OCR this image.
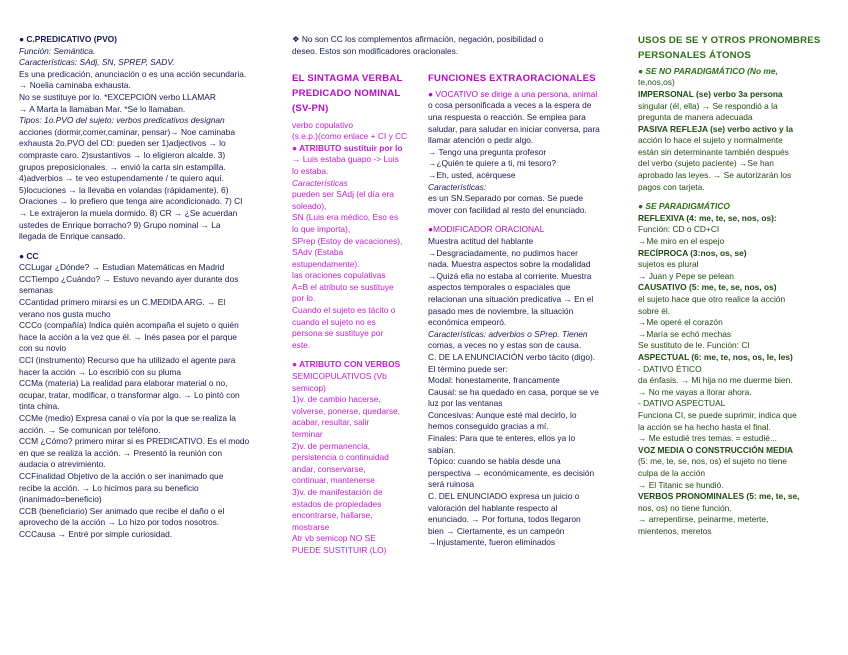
● C.PREDICATIVO (PVO)
Función: Semántica.
Características: SAdj, SN, SPREP, SADV.
Es una predicación, anunciación o es una acción secundaria.
→ Noelia caminaba exhausta.
No se sustituye por lo. *EXCEPCIÓN verbo LLAMAR
→ A Marta la llamaban Mar. *Se lo llamaban.
Tipos: 1o.PVO del sujeto: verbos predicativos designan
acciones (dormir,comer,caminar, pensar)→ Noe caminaba
exhausta 2o.PVO del CD: pueden ser 1)adjectivos → lo
compraste caro. 2)sustantivos → lo eligieron alcalde. 3)
grupos preposicionales. → envió la carta sin estampilla.
4)adverbios → te veo estupendamente / te quiero aquí.
5)locuciones → la llevaba en volandas (rápidamente). 6)
Oraciones → lo prefiero que tenga aire acondicionado. 7) CI
→ Le extrajeron la muela dormido. 8) CR → ¿Se acuerdan
ustedes de Enrique borracho? 9) Grupo nominal → La
llegada de Enrique cansado.
● CC
CCLugar ¿Dónde? → Estudian Matemáticas en Madrid
CCTiempo ¿Cuándo? → Estuvo nevando ayer durante dos
semanas
CCantidad primero mirarsi es un C.MEDIDA ARG. → El
verano nos gusta mucho
CCCo (compañía) Indica quién acompaña el sujeto o quién
hace la acción a la vez que él. → Inés pasea por el parque
con su novio
CCI (instrumento) Recurso que ha utilizado el agente para
hacer la acción → Lo escribió con su pluma
CCMa (materia) La realidad para elaborar material o no,
ocupar, tratar, modificar, o transformar algo. → Lo pintó con
tinta china.
CCMe (medio) Expresa canal o vía por la que se realiza la
acción. → Se comunican por teléfono.
CCM ¿Cómo? primero mirar si es PREDICATIVO. Es el modo
en que se realiza la acción. → Presentó la reunión con
audacia o atrevimiento.
CCFinalidad Objetivo de la acción o ser inanimado que
recibe la acción. → Lo hicimos para su beneficio
(inanimado=beneficio)
CCB (beneficiario) Ser animado que recibe el daño o el
aprovecho de la acción → Lo hizo por todos nosotros.
CCCausa → Entré por simple curiosidad.
❖ No son CC los complementos afirmación, negación, posibilidad o
deseo. Estos son modificadores oracionales.
EL SINTAGMA VERBAL
PREDICADO NOMINAL
(SV-PN)
verbo copulativo
(s.e.p.)(como enlace + CI y CC
● ATRIBUTO sustituir por lo
→ Luis estaba guapo -> Luis
lo estaba.
Características
pueden ser SAdj (el día era
soleado),
SN (Luis era médico, Eso es
lo que importa),
SPrep (Estoy de vacaciones),
SAdv (Estaba
estupendamente).
las oraciones copulativas
A=B el atributo se sustituye
por lo.
Cuando el sujeto es tácito o
cuando el sujeto no es
persona se sustituye por
este.
● ATRIBUTO CON VERBOS
SEMICOPULATIVOS (Vb
semicop)
1)v. de cambio hacerse,
volverse, ponerse, quedarse,
acabar, resultar, salir
terminar
2)v. de permanencia,
persistencia o continuidad
andar, conservarse,
continuar, mantenerse
3)v. de manifestación de
estados de propiedades
encontrarse, hallarse,
mostrarse
Atr vb semicop NO SE
PUEDE SUSTITUIR (LO)
FUNCIONES EXTRAORACIONALES
● VOCATIVO se dirige a una persona, animal
o cosa personificada a veces a la espera de
una respuesta o reacción. Se emplea para
saludar, para saludar en iniciar conversa, para
llamar atención o pedir algo.
→ Tengo una pregunta profesor
→¿Quién te quiere a ti, mi tesoro?
→Eh, usted, acérquese
Características:
es un SN.Separado por comas. Se puede
mover con facilidad al resto del enunciado.
●MODIFICADOR ORACIONAL
Muestra actitud del hablante
→Desgraciadamente, no pudimos hacer
nada. Muestra aspectos sobre la modalidad
→Quizá ella no estaba al corriente. Muestra
aspectos temporales o espaciales que
relacionan una situación predicativa → En el
pasado mes de noviembre, la situación
económica empeoró.
Características: adverbios o SPrep. Tienen
comas, a veces no y estas son de causa.
C. DE LA ENUNCIACIÓN verbo tácito (digo).
El término puede ser:
Modal: honestamente, francamente
Causal: se ha quedado en casa, porque se ve
luz por las ventanas
Concesivas: Aunque esté mal decirlo, lo
hemos conseguido gracias a mí.
Finales: Para que te enteres, ellos ya lo
sabían.
Tópico: cuando se habla desde una
perspectiva → económicamente, es decisión
será ruinosa
C. DEL ENUNCIADO expresa un juicio o
valoración del hablante respecto al
enunciado. → Por fortuna, todos llegaron
bien → Ciertamente, es un campeón
→Injustamente, fueron eliminados
USOS DE SE Y OTROS PRONOMBRES
PERSONALES ÁTONOS
● SE NO PARADIGMÁTICO (No me,
te,nos,os)
IMPERSONAL (se) verbo 3a persona
singular (él, ella) → Se respondió a la
pregunta de manera adecuada
PASIVA REFLEJA (se) verbo activo y la
acción lo hace el sujeto y normalmente
están sin determinante también después
del verbo (sujeto paciente) →Se han
aprobado las leyes. → Se autorizarán los
pagos con tarjeta.
● SE PARADIGMÁTICO
REFLEXIVA (4: me, te, se, nos, os):
Función: CD o CD+CI
→Me miro en el espejo
RECÍPROCA (3:nos, os, se)
sujetos es plural
→ Juan y Pepe se pelean
CAUSATIVO (5: me, te, se, nos, os)
el sujeto hace que otro realice la acción
sobre él.
→Me operé el corazón
→María se echó mechas
Se sustituto de le. Función: CI
ASPECTUAL (6: me, te, nos, os, le, les)
- DATIVO ÉTICO
da énfasis. → Mi hija no me duerme bien.
→ No me vayas a llorar ahora.
- DATIVO ASPECTUAL
Funciona CI, se puede suprimir, indica que
la acción se ha hecho hasta el final.
→ Me estudié tres temas. = estudié...
VOZ MEDIA O CONSTRUCCIÓN MEDIA
(5: me, te, se, nos, os) el sujeto no tiene
culpa de la acción
→ El Titanic se hundió.
VERBOS PRONOMINALES (5: me, te, se,
nos, os) no tiene función.
→ arrepentirse, peinarme, meterte,
mientenos, meretos
